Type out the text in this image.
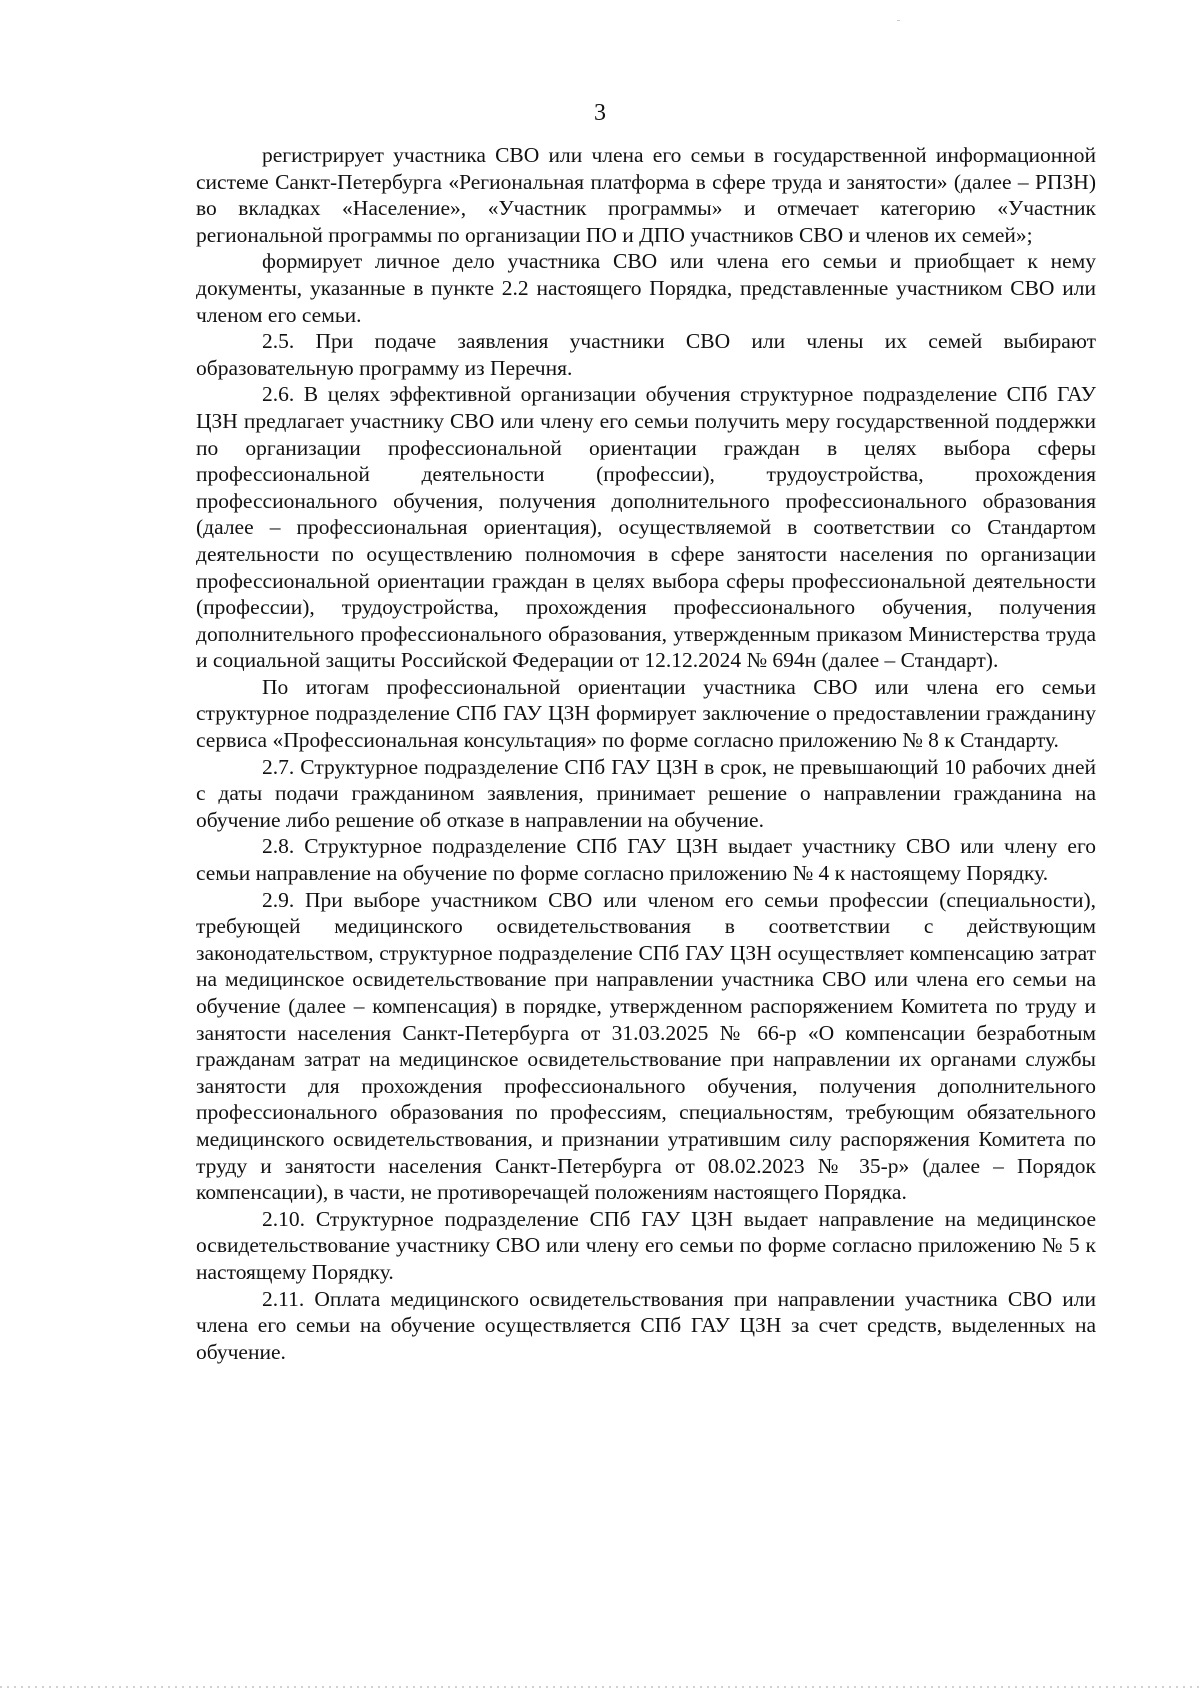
3

регистрирует участника СВО или члена его семьи в государственной информационной системе Санкт-Петербурга «Региональная платформа в сфере труда и занятости» (далее – РПЗН) во вкладках «Население», «Участник программы» и отмечает категорию «Участник региональной программы по организации ПО и ДПО участников СВО и членов их семей»;

формирует личное дело участника СВО или члена его семьи и приобщает к нему документы, указанные в пункте 2.2 настоящего Порядка, представленные участником СВО или членом его семьи.

2.5. При подаче заявления участники СВО или члены их семей выбирают образовательную программу из Перечня.

2.6. В целях эффективной организации обучения структурное подразделение СПб ГАУ ЦЗН предлагает участнику СВО или члену его семьи получить меру государственной поддержки по организации профессиональной ориентации граждан в целях выбора сферы профессиональной деятельности (профессии), трудоустройства, прохождения профессионального обучения, получения дополнительного профессионального образования (далее – профессиональная ориентация), осуществляемой в соответствии со Стандартом деятельности по осуществлению полномочия в сфере занятости населения по организации профессиональной ориентации граждан в целях выбора сферы профессиональной деятельности (профессии), трудоустройства, прохождения профессионального обучения, получения дополнительного профессионального образования, утвержденным приказом Министерства труда и социальной защиты Российской Федерации от 12.12.2024 № 694н (далее – Стандарт).

По итогам профессиональной ориентации участника СВО или члена его семьи структурное подразделение СПб ГАУ ЦЗН формирует заключение о предоставлении гражданину сервиса «Профессиональная консультация» по форме согласно приложению № 8 к Стандарту.

2.7. Структурное подразделение СПб ГАУ ЦЗН в срок, не превышающий 10 рабочих дней с даты подачи гражданином заявления, принимает решение о направлении гражданина на обучение либо решение об отказе в направлении на обучение.

2.8. Структурное подразделение СПб ГАУ ЦЗН выдает участнику СВО или члену его семьи направление на обучение по форме согласно приложению № 4 к настоящему Порядку.

2.9. При выборе участником СВО или членом его семьи профессии (специальности), требующей медицинского освидетельствования в соответствии с действующим законодательством, структурное подразделение СПб ГАУ ЦЗН осуществляет компенсацию затрат на медицинское освидетельствование при направлении участника СВО или члена его семьи на обучение (далее – компенсация) в порядке, утвержденном распоряжением Комитета по труду и занятости населения Санкт-Петербурга от 31.03.2025 № 66-р «О компенсации безработным гражданам затрат на медицинское освидетельствование при направлении их органами службы занятости для прохождения профессионального обучения, получения дополнительного профессионального образования по профессиям, специальностям, требующим обязательного медицинского освидетельствования, и признании утратившим силу распоряжения Комитета по труду и занятости населения Санкт-Петербурга от 08.02.2023 № 35-р» (далее – Порядок компенсации), в части, не противоречащей положениям настоящего Порядка.

2.10. Структурное подразделение СПб ГАУ ЦЗН выдает направление на медицинское освидетельствование участнику СВО или члену его семьи по форме согласно приложению № 5 к настоящему Порядку.

2.11. Оплата медицинского освидетельствования при направлении участника СВО или члена его семьи на обучение осуществляется СПб ГАУ ЦЗН за счет средств, выделенных на обучение.
